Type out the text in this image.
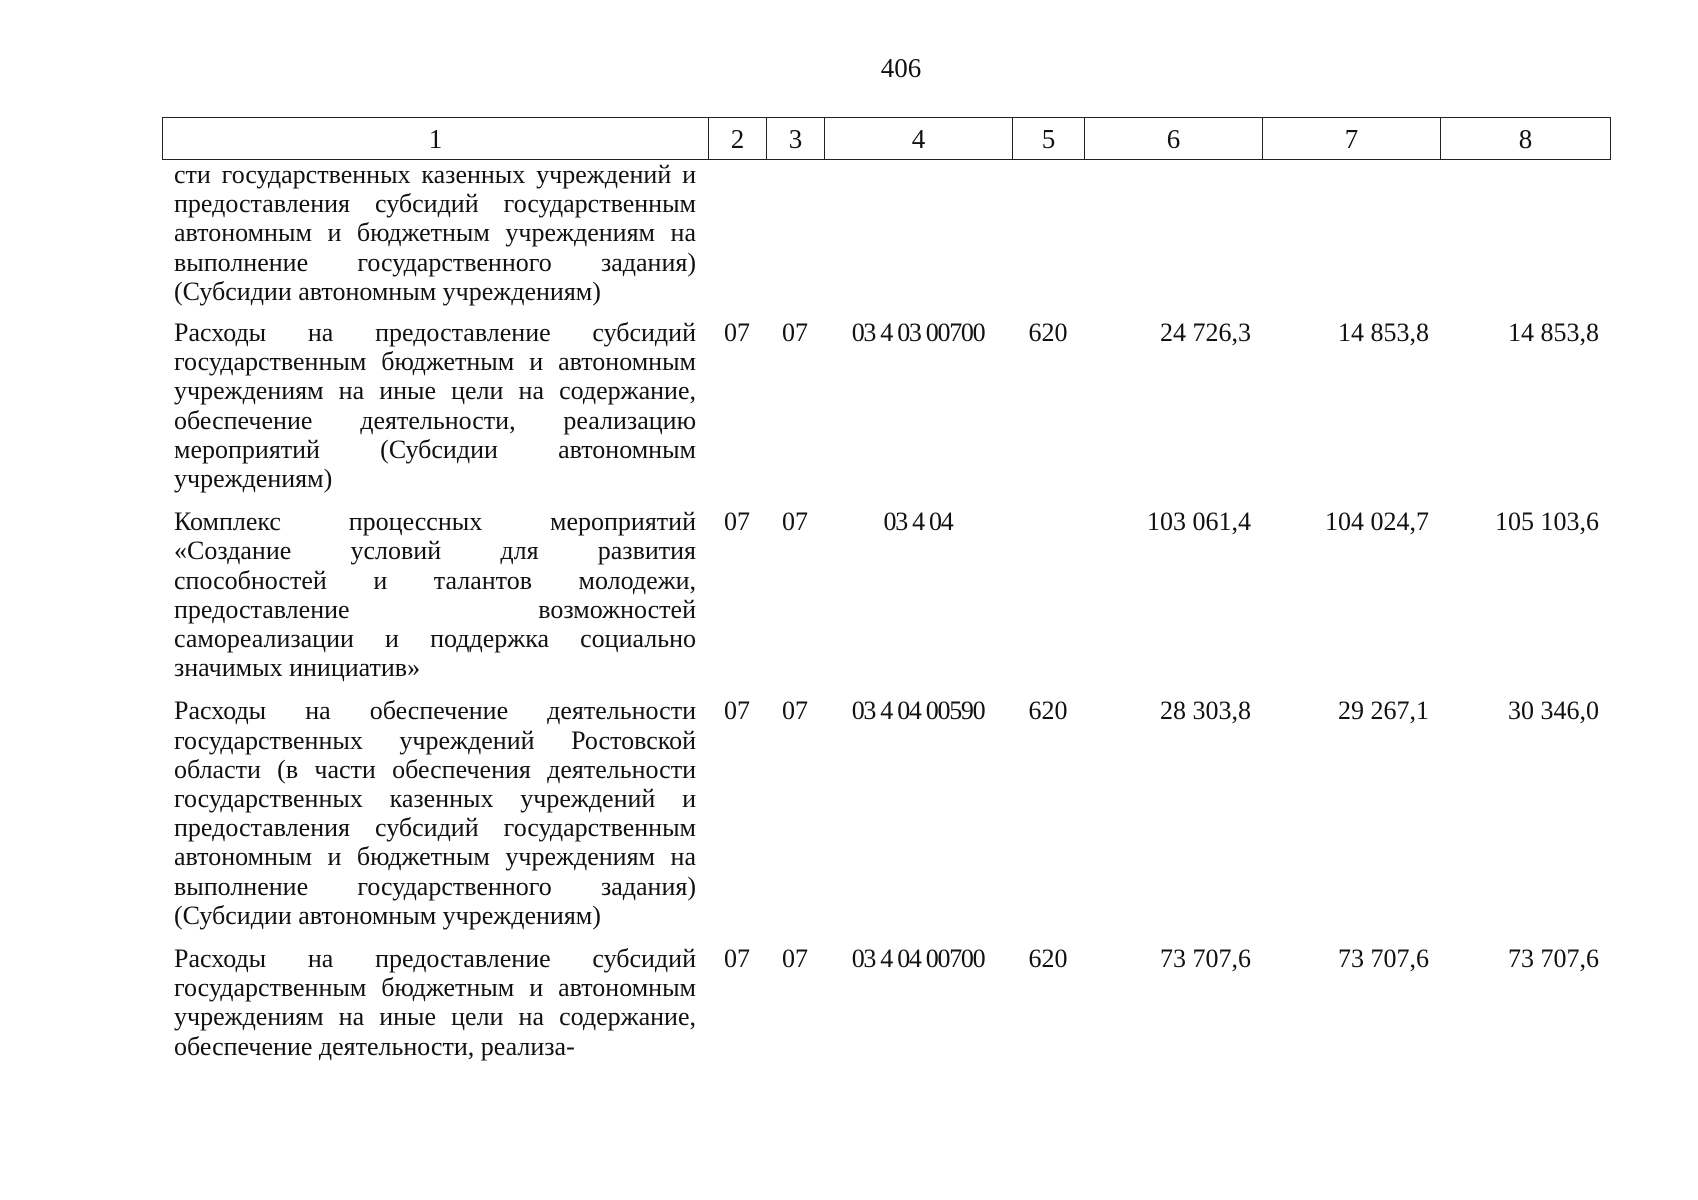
406
1	2	3	4	5	6	7	8
сти государственных казенных учреждений и предоставления субсидий государственным автономным и бюджетным учреждениям на выполнение государственного задания) (Субсидии автономным учреждениям)							
Расходы на предоставление субсидий государственным бюджетным и автономным учреждениям на иные цели на содержание, обеспечение деятельности, реализацию мероприятий (Субсидии автономным учреждениям)	07	07	03 4 03 00700	620	24 726,3	14 853,8	14 853,8
Комплекс процессных мероприятий «Создание условий для развития способностей и талантов молодежи, предоставление возможностей самореализации и поддержка социально значимых инициатив»	07	07	03 4 04		103 061,4	104 024,7	105 103,6
Расходы на обеспечение деятельности государственных учреждений Ростовской области (в части обеспечения деятельности государственных казенных учреждений и предоставления субсидий государственным автономным и бюджетным учреждениям на выполнение государственного задания) (Субсидии автономным учреждениям)	07	07	03 4 04 00590	620	28 303,8	29 267,1	30 346,0
Расходы на предоставление субсидий государственным бюджетным и автономным учреждениям на иные цели на содержание, обеспечение деятельности, реализа-	07	07	03 4 04 00700	620	73 707,6	73 707,6	73 707,6
